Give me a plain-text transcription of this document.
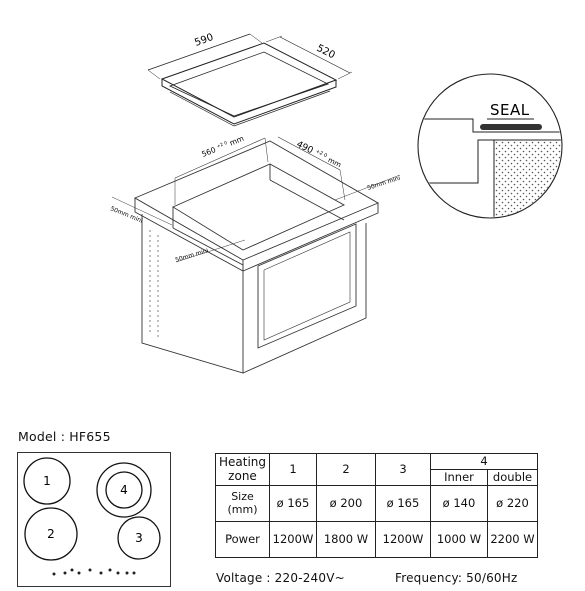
590
520
560 $^{+2 0}$ mm	490 $^{+2 0}$ $_{mm}$
50mm mini
50mm mini
50mm mini
SEAL
Model : HF655
1
4
2	3
Heating
zone	1	2	3	4	
				Inner	double
Size
(mm)	ø 165	ø 200	ø 165	ø 140	ø 220
Power	1200W	1800 W	1200W	1000 W	2200 W
Voltage : 220-240V~	Frequency: 50/60Hz
